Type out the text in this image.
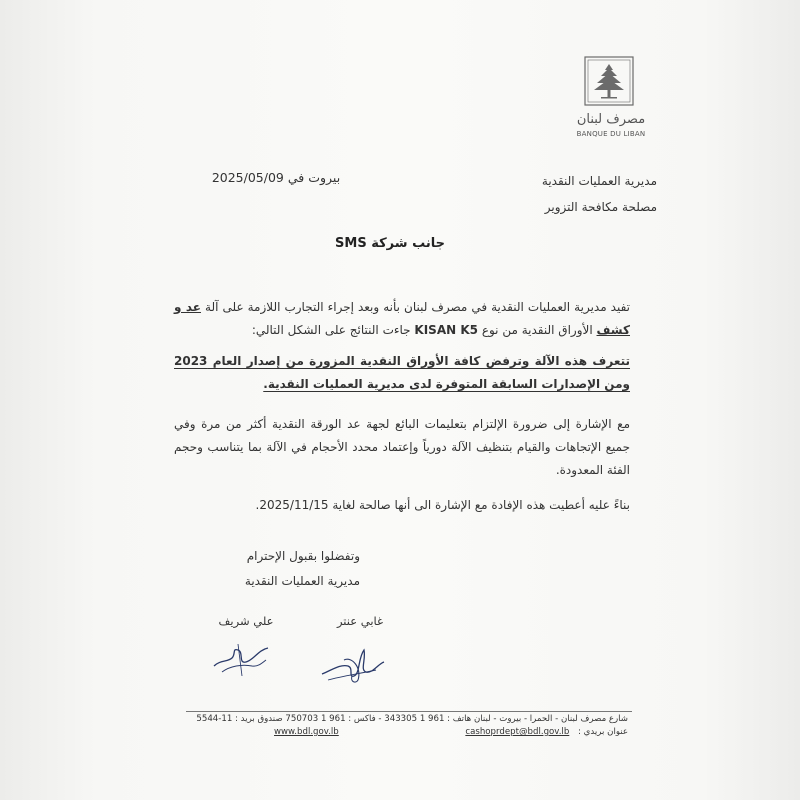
مصرف لبنان
BANQUE DU LIBAN
بيروت في 2025/05/09	مديرية العمليات النقدية
مصلحة مكافحة التزوير
جانب شركة SMS
تفيد مديرية العمليات النقدية في مصرف لبنان بأنه وبعد إجراء التجارب اللازمة على آلة عد و كشف الأوراق النقدية من نوع KISAN K5 جاءت النتائج على الشكل التالي:
تتعرف هذه الآلة وترفض كافة الأوراق النقدية المزورة من إصدار العام 2023 ومن الإصدارات السابقة المتوفرة لدى مديرية العمليات النقدية.
مع الإشارة إلى ضرورة الإلتزام بتعليمات البائع لجهة عد الورقة النقدية أكثر من مرة وفي جميع الإتجاهات والقيام بتنظيف الآلة دورياً وإعتماد محدد الأحجام في الآلة بما يتناسب وحجم الفئة المعدودة.
بناءً عليه أعطيت هذه الإفادة مع الإشارة الى أنها صالحة لغاية 2025/11/15.
وتفضلوا بقبول الإحترام
مديرية العمليات النقدية
غابي عنتر
علي شريف
شارع مصرف لبنان - الحمرا - بيروت - لبنان هاتف : 961 1 343305 - فاكس : 961 1 750703 صندوق بريد : 11-5544
عنوان بريدي : cashoprdept@bdl.gov.lb
www.bdl.gov.lb
